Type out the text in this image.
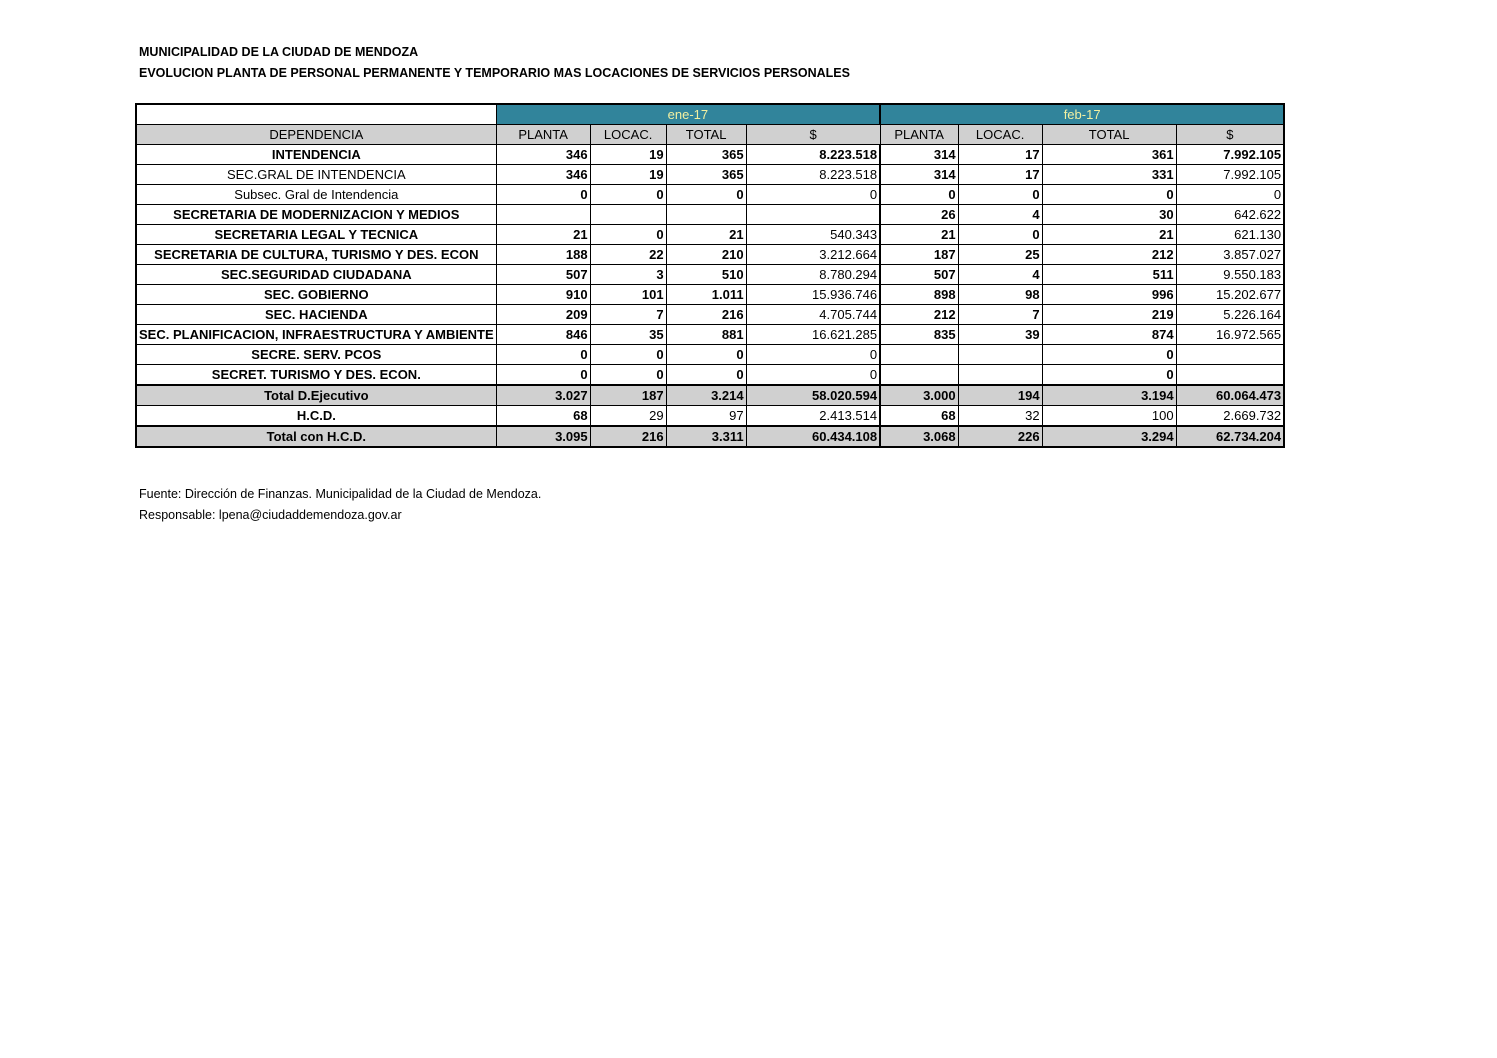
MUNICIPALIDAD DE LA CIUDAD DE MENDOZA
EVOLUCION PLANTA DE PERSONAL PERMANENTE Y TEMPORARIO MAS LOCACIONES DE SERVICIOS PERSONALES
	ene-17				feb-17			
DEPENDENCIA	PLANTA	LOCAC.	TOTAL	$	PLANTA	LOCAC.	TOTAL	$
INTENDENCIA	346	19	365	8.223.518	314	17	361	7.992.105
SEC.GRAL DE INTENDENCIA	346	19	365	8.223.518	314	17	331	7.992.105
Subsec. Gral de Intendencia	0	0	0	0	0	0	0	0
SECRETARIA DE MODERNIZACION Y MEDIOS					26	4	30	642.622
SECRETARIA LEGAL Y TECNICA	21	0	21	540.343	21	0	21	621.130
SECRETARIA DE CULTURA, TURISMO Y DES. ECON	188	22	210	3.212.664	187	25	212	3.857.027
SEC.SEGURIDAD CIUDADANA	507	3	510	8.780.294	507	4	511	9.550.183
SEC. GOBIERNO	910	101	1.011	15.936.746	898	98	996	15.202.677
SEC. HACIENDA	209	7	216	4.705.744	212	7	219	5.226.164
SEC. PLANIFICACION, INFRAESTRUCTURA Y AMBIENTE	846	35	881	16.621.285	835	39	874	16.972.565
SECRE. SERV. PCOS	0	0	0	0			0	
SECRET. TURISMO Y DES. ECON.	0	0	0	0			0	
Total D.Ejecutivo	3.027	187	3.214	58.020.594	3.000	194	3.194	60.064.473
H.C.D.	68	29	97	2.413.514	68	32	100	2.669.732
Total con H.C.D.	3.095	216	3.311	60.434.108	3.068	226	3.294	62.734.204
Fuente: Dirección de Finanzas. Municipalidad de la Ciudad de Mendoza.
Responsable: lpena@ciudaddemendoza.gov.ar
